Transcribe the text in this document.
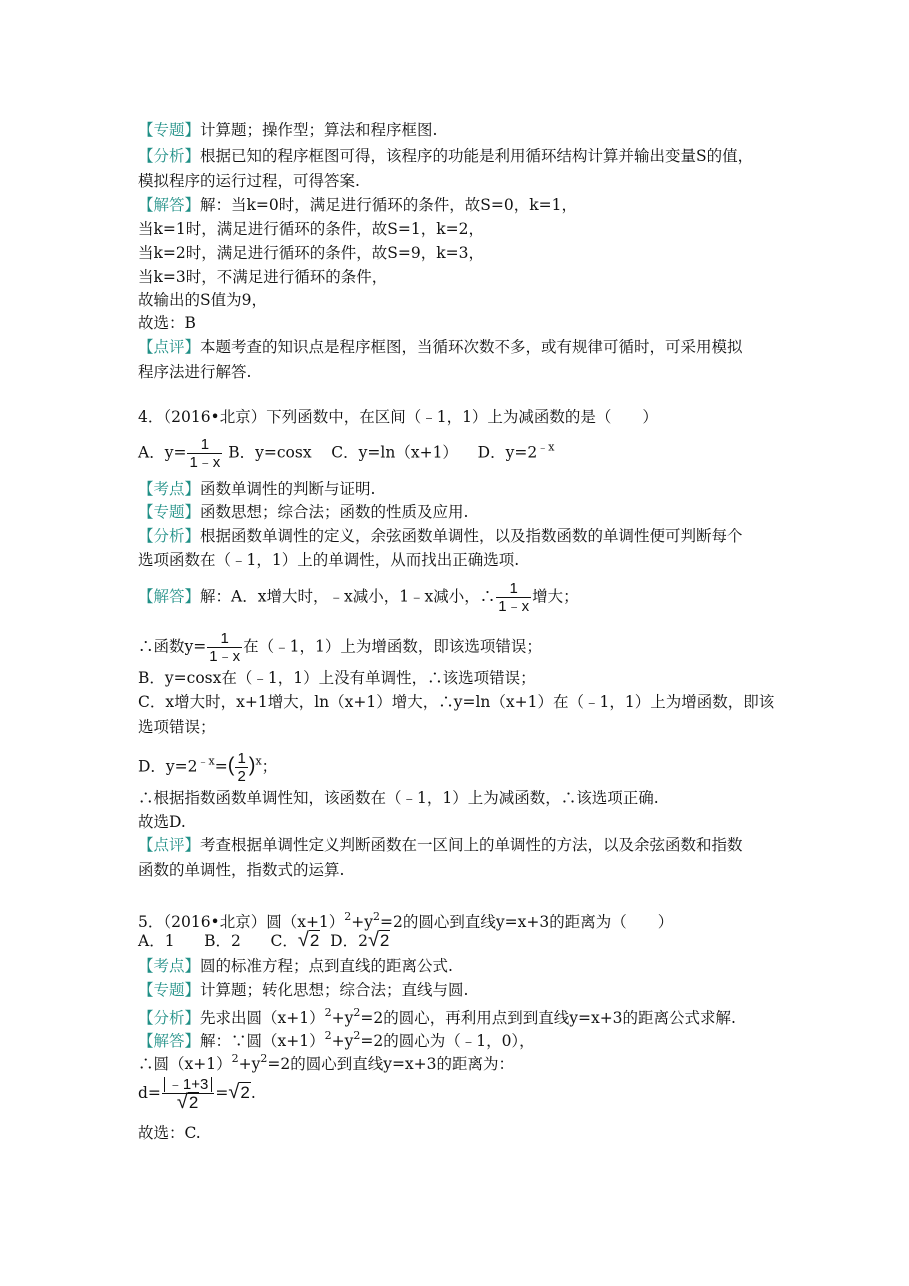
【专题】计算题；操作型；算法和程序框图.
【分析】根据已知的程序框图可得，该程序的功能是利用循环结构计算并输出变量S的值，
模拟程序的运行过程，可得答案.
【解答】解：当k=0时，满足进行循环的条件，故S=0，k=1，
当k=1时，满足进行循环的条件，故S=1，k=2，
当k=2时，满足进行循环的条件，故S=9，k=3，
当k=3时，不满足进行循环的条件，
故输出的S值为9，
故选：B
【点评】本题考查的知识点是程序框图，当循环次数不多，或有规律可循时，可采用模拟
程序法进行解答.
4．（2016•北京）下列函数中，在区间（﹣1，1）上为减函数的是（　　）
A．$y= \frac{1}{1﹣x}$ B．y=cosx C．y=ln（x+1） D．$y=2^{﹣x}$
【考点】函数单调性的判断与证明.
【专题】函数思想；综合法；函数的性质及应用.
【分析】根据函数单调性的定义，余弦函数单调性，以及指数函数的单调性便可判断每个
选项函数在（﹣1，1）上的单调性，从而找出正确选项.
【解答】解：A．x增大时，﹣x减小，1﹣x减小，∴ $\frac{1}{1﹣x}$ 增大；
∴函数$y= \frac{1}{1﹣x}$ 在（﹣1，1）上为增函数，即该选项错误；
B．y=cosx在（﹣1，1）上没有单调性，∴该选项错误；
C．x增大时，x+1增大，ln（x+1）增大，∴y=ln（x+1）在（﹣1，1）上为增函数，即该
选项错误；
D．$y=2^{﹣x}=( \frac{1}{2} )^x$；
∴根据指数函数单调性知，该函数在（﹣1，1）上为减函数，∴该选项正确.
故选D.
【点评】考查根据单调性定义判断函数在一区间上的单调性的方法，以及余弦函数和指数
函数的单调性，指数式的运算.
5．（2016•北京）圆$(x+1)^2+y^2=2$的圆心到直线y=x+3的距离为（　　）
A．1 B．2 C．√2 D．2√2
【考点】圆的标准方程；点到直线的距离公式.
【专题】计算题；转化思想；综合法；直线与圆.
【分析】先求出圆$(x+1)^2+y^2=2$的圆心，再利用点到到直线y=x+3的距离公式求解.
【解答】解：∵圆$(x+1)^2+y^2=2$的圆心为（﹣1，0），
∴圆$(x+1)^2+y^2=2$的圆心到直线y=x+3的距离为：
$d= \frac{﹣1+3}{√2} =√2$.
故选：C.
